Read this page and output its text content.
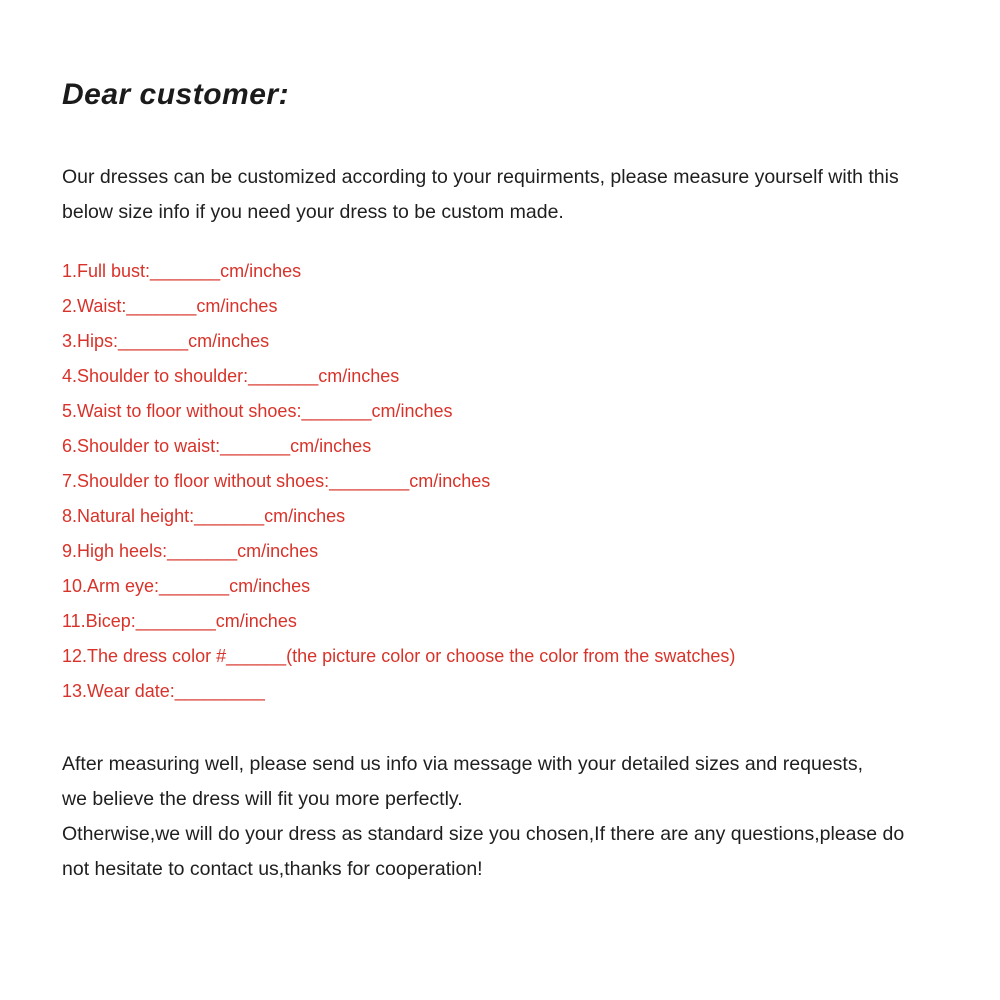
Dear customer:
Our dresses can be customized according to your requirments, please measure yourself with this
below size info if you need your dress to be custom made.
1.Full bust:_______cm/inches
2.Waist:_______cm/inches
3.Hips:_______cm/inches
4.Shoulder to shoulder:_______cm/inches
5.Waist to floor without shoes:_______cm/inches
6.Shoulder to waist:_______cm/inches
7.Shoulder to floor without shoes:________cm/inches
8.Natural height:_______cm/inches
9.High heels:_______cm/inches
10.Arm eye:_______cm/inches
11.Bicep:________cm/inches
12.The dress color #______(the picture color or choose the color from the swatches)
13.Wear date:_________
After measuring well, please send us info via message with your detailed sizes and requests,
we believe the dress will fit you more perfectly.
Otherwise,we will do your dress as standard size you chosen,If there are any questions,please do
not hesitate to contact us,thanks for cooperation!
